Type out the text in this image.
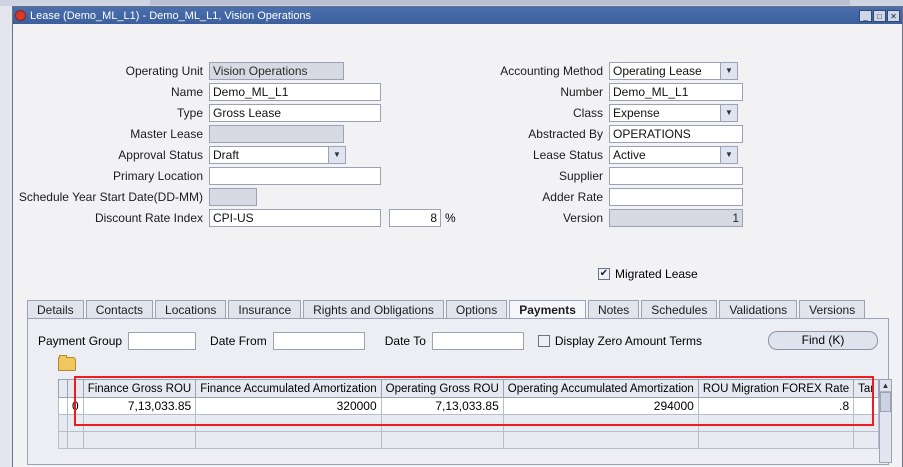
Lease (Demo_ML_L1) - Demo_ML_L1, Vision Operations	_	□	✕
Operating Unit Vision Operations
Name Demo_ML_L1
Type Gross Lease
Master Lease
Approval Status Draft	▼
Primary Location
Schedule Year Start Date(DD-MM)
Discount Rate Index CPI-US	8 %
Accounting Method Operating Lease	▼
Number Demo_ML_L1
Class Expense	▼
Abstracted By OPERATIONS
Lease Status Active	▼
Supplier
Adder Rate
Version	1
✔ Migrated Lease
Details	Contacts	Locations	Insurance	Rights and Obligations	Options	Payments	Notes	Schedules	Validations	Versions
Payment Group	Date From	Date To	Display Zero Amount Terms	Find (K)
		Finance Gross ROU	Finance Accumulated Amortization	Operating Gross ROU	Operating Accumulated Amortization	ROU Migration FOREX Rate	Tar
	0	7,13,033.85	320000	7,13,033.85	294000	.8	

▲
